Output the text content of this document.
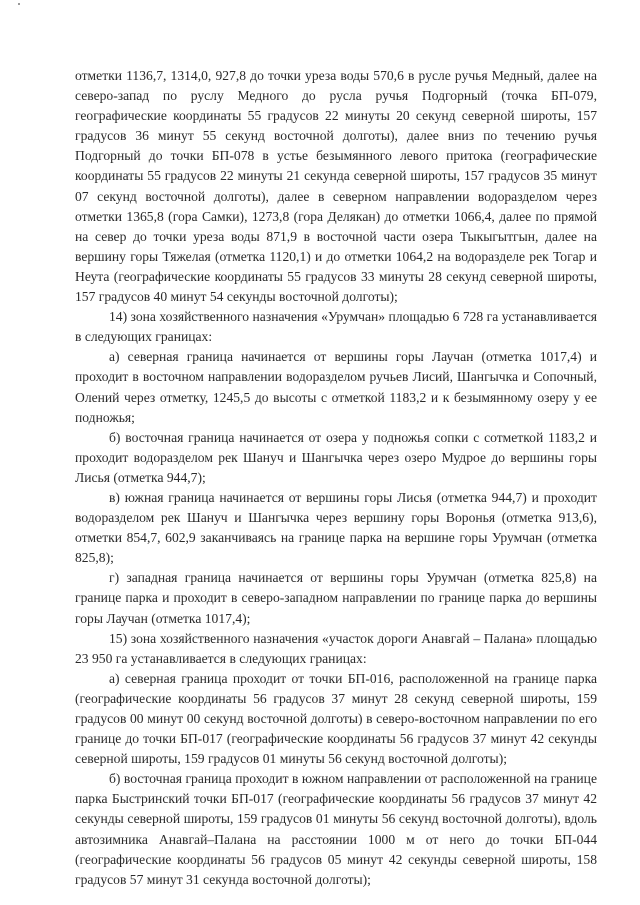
отметки 1136,7, 1314,0, 927,8 до точки уреза воды 570,6 в русле ручья Медный, далее на северо-запад по руслу Медного до русла ручья Подгорный (точка БП-079, географические координаты 55 градусов 22 минуты 20 секунд северной широты, 157 градусов 36 минут 55 секунд восточной долготы), далее вниз по течению ручья Подгорный до точки БП-078 в устье безымянного левого притока (географические координаты 55 градусов 22 минуты 21 секунда северной широты, 157 градусов 35 минут 07 секунд восточной долготы), далее в северном направлении водоразделом через отметки 1365,8 (гора Самки), 1273,8 (гора Делякан) до отметки 1066,4, далее по прямой на север до точки уреза воды 871,9 в восточной части озера Тыкыгытгын, далее на вершину горы Тяжелая (отметка 1120,1) и до отметки 1064,2 на водоразделе рек Тогар и Неута (географические координаты 55 градусов 33 минуты 28 секунд северной широты, 157 градусов 40 минут 54 секунды восточной долготы);

14) зона хозяйственного назначения «Урумчан» площадью 6 728 га устанавливается в следующих границах:

а) северная граница начинается от вершины горы Лаучан (отметка 1017,4) и проходит в восточном направлении водоразделом ручьев Лисий, Шангычка и Сопочный, Олений через отметку, 1245,5 до высоты с отметкой 1183,2 и к безымянному озеру у ее подножья;

б) восточная граница начинается от озера у подножья сопки с сотметкой 1183,2 и проходит водоразделом рек Шануч и Шангычка через озеро Мудрое до вершины горы Лисья (отметка 944,7);

в) южная граница начинается от вершины горы Лисья (отметка 944,7) и проходит водоразделом рек Шануч и Шангычка через вершину горы Воронья (отметка 913,6), отметки 854,7, 602,9 заканчиваясь на границе парка на вершине горы Урумчан (отметка 825,8);

г) западная граница начинается от вершины горы Урумчан (отметка 825,8) на границе парка и проходит в северо-западном направлении по границе парка до вершины горы Лаучан (отметка 1017,4);

15) зона хозяйственного назначения «участок дороги Анавгай – Палана» площадью 23 950 га устанавливается в следующих границах:

а) северная граница проходит от точки БП-016, расположенной на границе парка (географические координаты 56 градусов 37 минут 28 секунд северной широты, 159 градусов 00 минут 00 секунд восточной долготы) в северо-восточном направлении по его границе до точки БП-017 (географические координаты 56 градусов 37 минут 42 секунды северной широты, 159 градусов 01 минуты 56 секунд восточной долготы);

б) восточная граница проходит в южном направлении от расположенной на границе парка Быстринский точки БП-017 (географические координаты 56 градусов 37 минут 42 секунды северной широты, 159 градусов 01 минуты 56 секунд восточной долготы), вдоль автозимника Анавгай–Палана на расстоянии 1000 м от него до точки БП-044 (географические координаты 56 градусов 05 минут 42 секунды северной широты, 158 градусов 57 минут 31 секунда восточной долготы);
